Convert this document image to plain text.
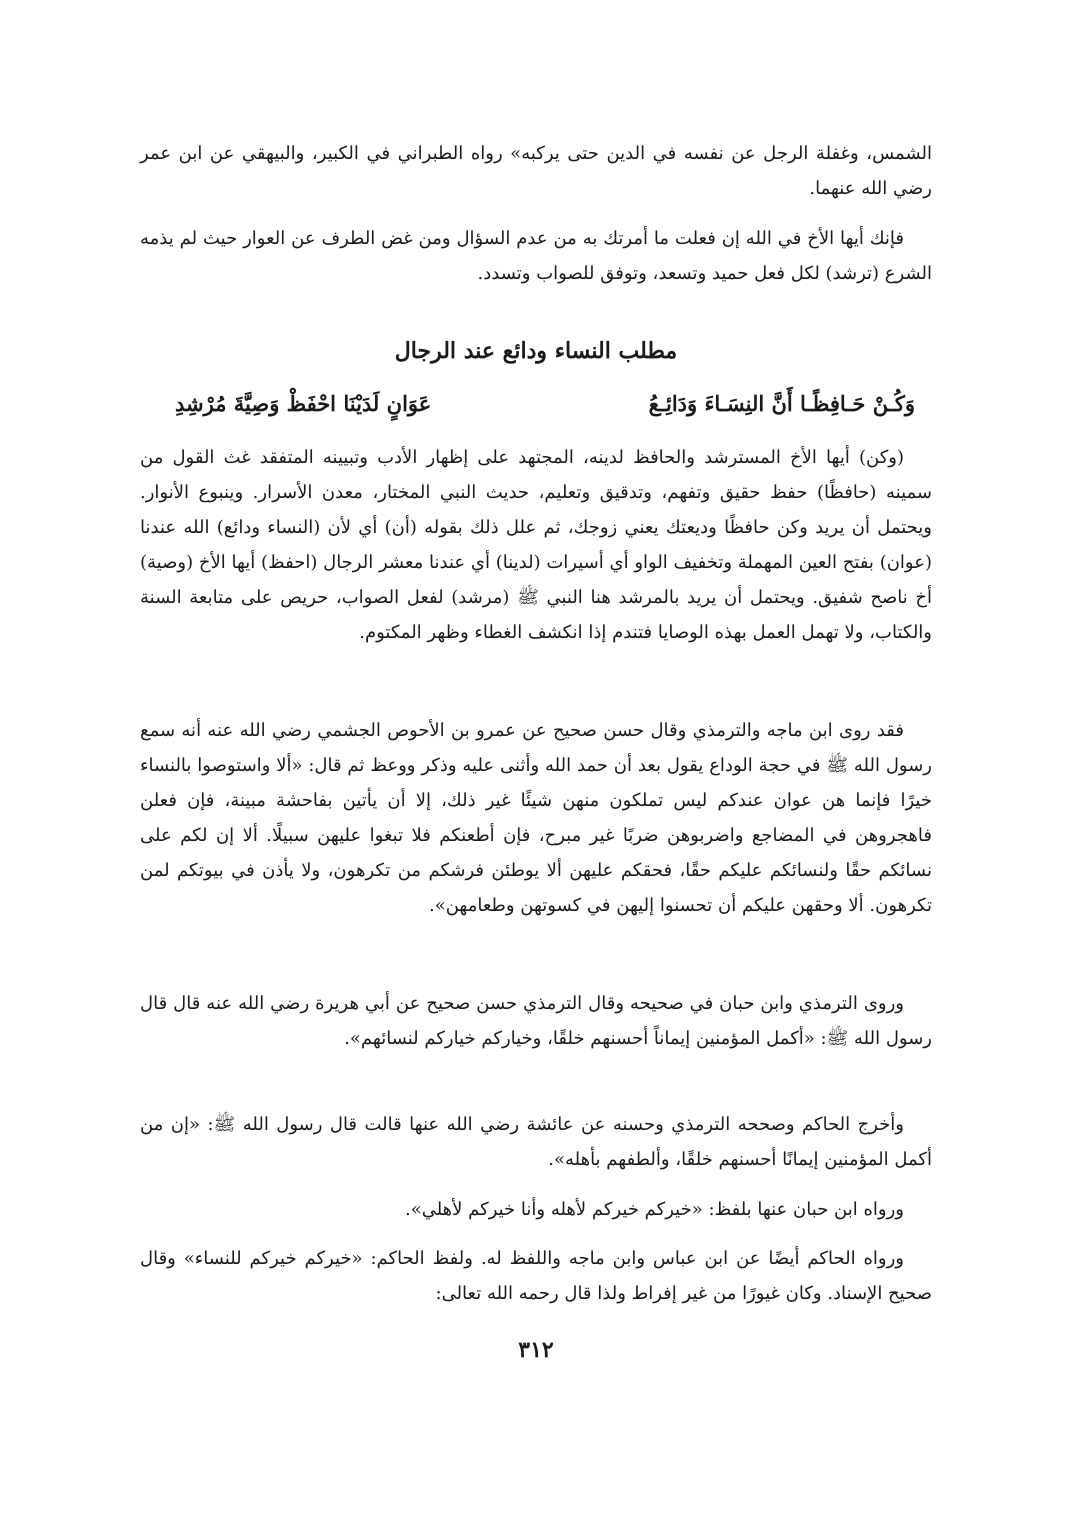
الشمس، وغفلة الرجل عن نفسه في الدين حتى يركبه» رواه الطبراني في الكبير، والبيهقي عن ابن عمر رضي الله عنهما.

فإنك أيها الأخ في الله إن فعلت ما أمرتك به من عدم السؤال ومن غض الطرف عن العوار حيث لم يذمه الشرع (ترشد) لكل فعل حميد وتسعد، وتوفق للصواب وتسدد.

مطلب النساء ودائع عند الرجال
وَكُـنْ حَـافِظًـا أَنَّ النِسَـاءَ وَدَائِـعُ
عَوَانٍ لَدَيْنَا احْفَظْ وَصِيَّةَ مُرْشِدِ

(وكن) أيها الأخ المسترشد والحافظ لدينه، المجتهد على إظهار الأدب وتبيينه المتفقد غث القول من سمينه (حافظًا) حفظ حقيق وتفهم، وتدقيق وتعليم، حديث النبي المختار، معدن الأسرار. وينبوع الأنوار. ويحتمل أن يريد وكن حافظًا وديعتك يعني زوجك، ثم علل ذلك بقوله (أن) أي لأن (النساء ودائع) الله عندنا (عوان) بفتح العين المهملة وتخفيف الواو أي أسيرات (لدينا) أي عندنا معشر الرجال (احفظ) أيها الأخ (وصية) أخ ناصح شفيق. ويحتمل أن يريد بالمرشد هنا النبي ﷺ (مرشد) لفعل الصواب، حريص على متابعة السنة والكتاب، ولا تهمل العمل بهذه الوصايا فتندم إذا انكشف الغطاء وظهر المكتوم.

فقد روى ابن ماجه والترمذي وقال حسن صحيح عن عمرو بن الأحوص الجشمي رضي الله عنه أنه سمع رسول الله ﷺ في حجة الوداع يقول بعد أن حمد الله وأثنى عليه وذكر ووعظ ثم قال: «ألا واستوصوا بالنساء خيرًا فإنما هن عوان عندكم ليس تملكون منهن شيئًا غير ذلك، إلا أن يأتين بفاحشة مبينة، فإن فعلن فاهجروهن في المضاجع واضربوهن ضربًا غير مبرح، فإن أطعنكم فلا تبغوا عليهن سبيلًا. ألا إن لكم على نسائكم حقًا ولنسائكم عليكم حقًا، فحقكم عليهن ألا يوطئن فرشكم من تكرهون، ولا يأذن في بيوتكم لمن تكرهون. ألا وحقهن عليكم أن تحسنوا إليهن في كسوتهن وطعامهن».

وروى الترمذي وابن حبان في صحيحه وقال الترمذي حسن صحيح عن أبي هريرة رضي الله عنه قال قال رسول الله ﷺ: «أكمل المؤمنين إيماناً أحسنهم خلقًا، وخياركم خياركم لنسائهم».

وأخرج الحاكم وصححه الترمذي وحسنه عن عائشة رضي الله عنها قالت قال رسول الله ﷺ: «إن من أكمل المؤمنين إيمانًا أحسنهم خلقًا، وألطفهم بأهله».

ورواه ابن حبان عنها بلفظ: «خيركم خيركم لأهله وأنا خيركم لأهلي».

ورواه الحاكم أيضًا عن ابن عباس وابن ماجه واللفظ له. ولفظ الحاكم: «خيركم خيركم للنساء» وقال صحيح الإسناد. وكان غيورًا من غير إفراط ولذا قال رحمه الله تعالى:

٣١٢
